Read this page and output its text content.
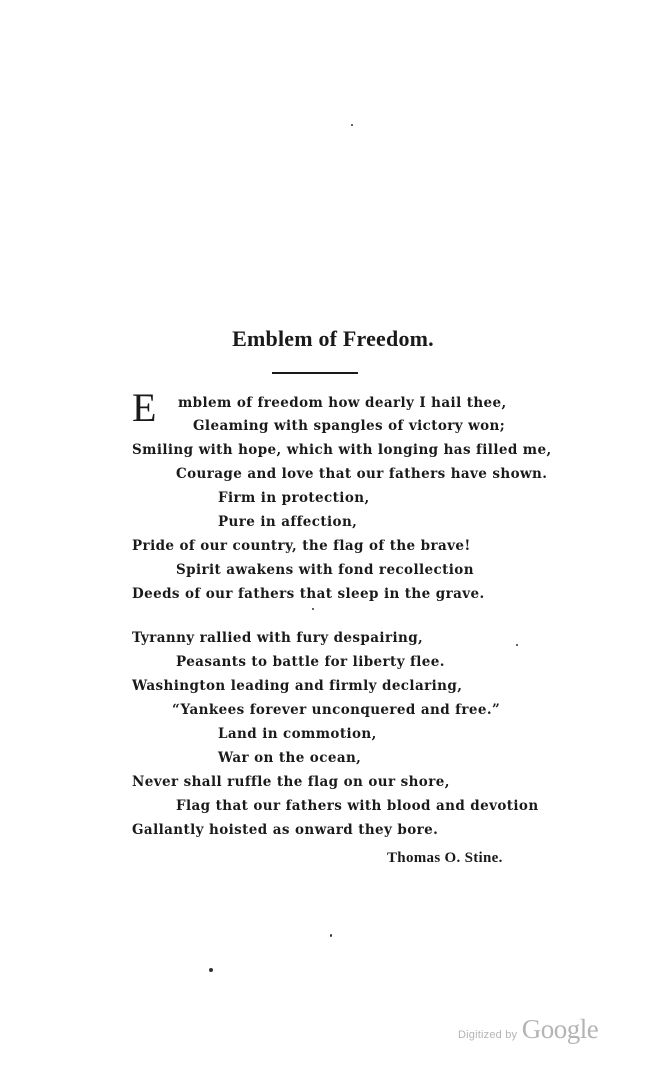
Emblem of Freedom.
E mblem of freedom how dearly I hail thee,
Gleaming with spangles of victory won;
Smiling with hope, which with longing has filled me,
Courage and love that our fathers have shown.
Firm in protection,
Pure in affection,
Pride of our country, the flag of the brave!
Spirit awakens with fond recollection
Deeds of our fathers that sleep in the grave.
Tyranny rallied with fury despairing,
Peasants to battle for liberty flee.
Washington leading and firmly declaring,
“Yankees forever unconquered and free.”
Land in commotion,
War on the ocean,
Never shall ruffle the flag on our shore,
Flag that our fathers with blood and devotion
Gallantly hoisted as onward they bore.
Thomas O. Stine.
Digitized by Google
